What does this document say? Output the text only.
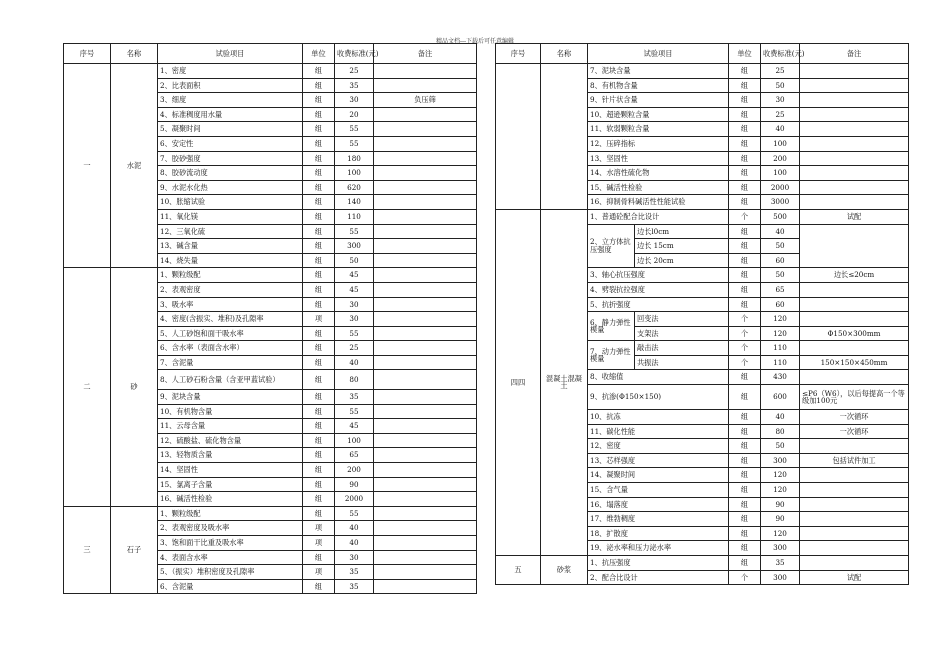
精品文档---下载后可任意编辑
序号	名称	试验项目	单位	收费标准(元)	备注
一	水泥	1、密度	组	25	
		2、比表面积	组	35	
		3、细度	组	30	负压筛
		4、标准稠度用水量	组	20	
		5、凝聚时间	组	55	
		6、安定性	组	55	
		7、胶砂强度	组	180	
		8、胶砂流动度	组	100	
		9、水泥水化热	组	620	
		10、胀缩试验	组	140	
		11、氧化镁	组	110	
		12、三氧化硫	组	55	
		13、碱含量	组	300	
		14、烧失量	组	50	
二	砂	1、颗粒级配	组	45	
		2、表观密度	组	45	
		3、吸水率	组	30	
		4、密度(含振实、堆积)及孔隙率	项	30	
		5、人工砂饱和面干吸水率	组	55	
		6、含水率（表面含水率）	组	25	
		7、含泥量	组	40	
		8、人工砂石粉含量（含亚甲蓝试验）	组	80	
		9、泥块含量	组	35	
		10、有机物含量	组	55	
		11、云母含量	组	45	
		12、硫酸盐、硫化物含量	组	100	
		13、轻物质含量	组	65	
		14、坚固性	组	200	
		15、氯离子含量	组	90	
		16、碱活性检验	组	2000	
三	石子	1、颗粒级配	组	55	
		2、表观密度及吸水率	项	40	
		3、饱和面干比重及吸水率	项	40	
		4、表面含水率	组	30	
		5、（振实）堆积密度及孔隙率	项	35	
		6、含泥量	组	35	
序号	名称	试验项目		单位	收费标准(元)	备注
		7、泥块含量		组	25	
		8、有机物含量		组	50	
		9、针片状含量		组	30	
		10、超逊颗粒含量		组	25	
		11、软弱颗粒含量		组	40	
		12、压碎指标		组	100	
		13、坚固性		组	200	
		14、水溶性硫化物		组	100	
		15、碱活性检验		组	2000	
		16、抑制骨料碱活性性能试验		组	3000	
四四	混凝土混凝土	1、普通砼配合比设计		个	500	试配
		2、立方体抗压强度	边长l0cm	组	40	
			边长 15cm	组	50	
			边长 20cm	组	60	
		3、轴心抗压强度		组	50	边长≤20cm
		4、劈裂抗拉强度		组	65	
		5、抗折强度		组	60	
		6、静力弹性模量	回变法	个	120	
			支架法	个	120	Φ150×300mm
		7、动力弹性模量	敲击法	个	110	
			共振法	个	110	150×150×450mm
		8、收缩值		组	430	
		9、抗渗(Φ150×150)		组	600	≤P6（W6），以后每提高一个等级加100元
		10、抗冻		组	40	一次循环
		11、碳化性能		组	80	一次循环
		12、密度		组	50	
		13、芯样强度		组	300	包括试件加工
		14、凝聚时间		组	120	
		15、含气量		组	120	
		16、塌落度		组	90	
		17、维勃稠度		组	90	
		18、扩散度		组	120	
		19、泌水率和压力泌水率		组	300	
五	砂浆	1、抗压强度		组	35	
		2、配合比设计		个	300	试配
